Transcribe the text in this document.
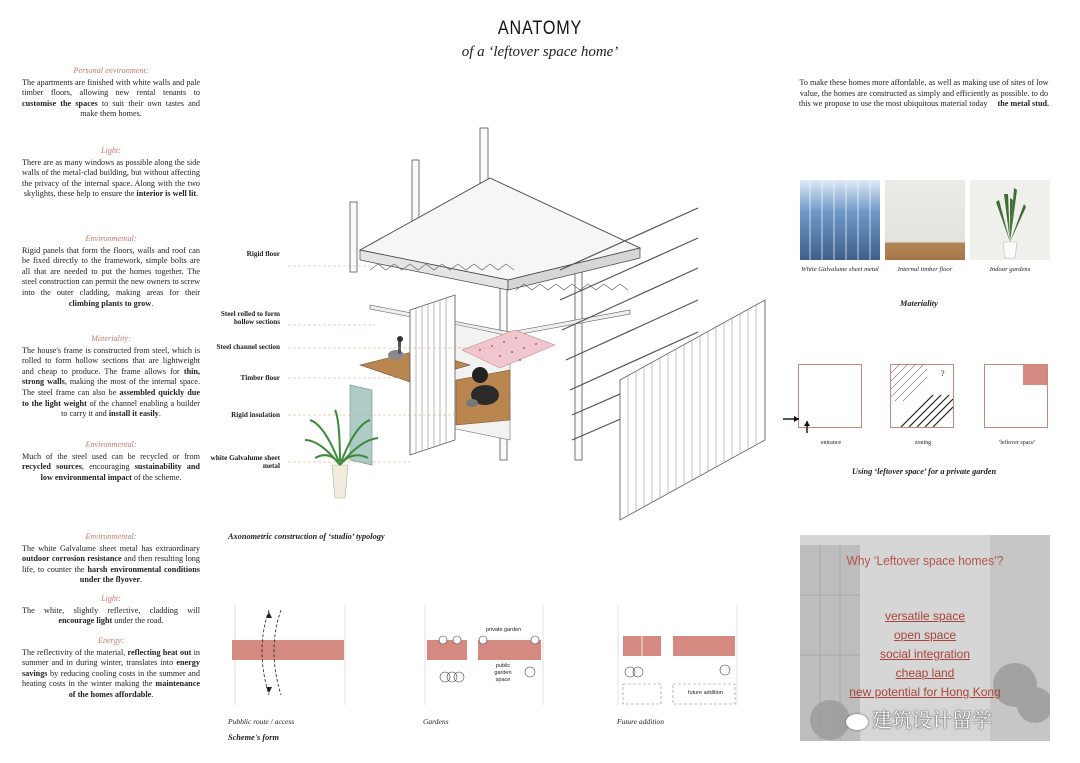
ANATOMY
of a ‘leftover space home’
Personal environment:
The apartments are finished with white walls and pale timber floors, allowing new rental tenants to customise the spaces to suit their own tastes and make them homes.
Light:
There are as many windows as possible along the side walls of the metal-clad building, but without affecting the privacy of the internal space. Along with the two skylights, these help to ensure the interior is well lit.
Environmental:
Rigid panels that form the floors, walls and roof can be fixed directly to the framework, simple bolts are all that are needed to put the homes together. The steel construction can permit the new owners to screw into the outer cladding, making areas for their climbing plants to grow.
Materiality:
The house's frame is constructed from steel, which is rolled to form hollow sections that are lightweight and cheap to produce. The frame allows for thin, strong walls, making the most of the internal space. The steel frame can also be assembled quickly due to the light weight of the channel enabling a builder to carry it and install it easily.
Environmental:
Much of the steel used can be recycled or from recycled sources, encouraging sustainability and low environmental impact of the scheme.
Environmental:
The white Galvalume sheet metal has extraordinary outdoor corrosion resistance and then resulting long life, to counter the harsh environmental conditions under the flyover.
Light:
The white, slightly reflective, cladding will encourage light under the road.
Energy:
The reflectivity of the material, reflecting heat out in summer and in during winter, translates into energy savings by reducing cooling costs in the summer and heating costs in the winter making the maintenance of the homes affordable.
To make these homes more affordable, as well as making use of sites of low value, the homes are constructed as simply and efficiently as possible. to do this we propose to use the most ubiquitous material today the metal stud.
Rigid floor
Steel rolled to form hollow sections
Steel channel section
Timber floor
Rigid insulation
white Galvalume sheet metal
Axonometric construction of ‘studio’ typology
White Galvalume sheet metal	Internal timber floor	Indoor gardens
Materiality
?
entrance	zoning	‘leftover space’
Using ‘leftover space’ for a private garden
private garden
public garden space
future addition
Pubblic route / access	Gardens	Future addition
Scheme's form
Why ‘Leftover space homes’?
versatile space
open space
social integration
cheap land
new potential for Hong Kong
建筑设计留学
